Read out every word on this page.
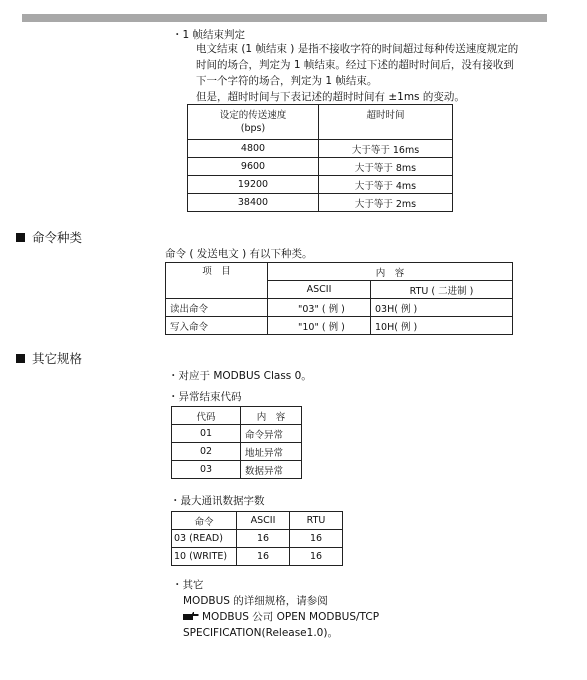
・1 帧结束判定
电文结束 (1 帧结束 ) 是指不接收字符的时间超过每种传送速度规定的
时间的场合，判定为 1 帧结束。经过下述的超时时间后，没有接收到
下一个字符的场合，判定为 1 帧结束。
但是，超时时间与下表记述的超时时间有 ±1ms 的变动。
设定的传送速度
(bps)	超时时间
4800	大于等于 16ms
9600	大于等于 8ms
19200	大于等于 4ms
38400	大于等于 2ms
命令种类
命令 ( 发送电文 ) 有以下种类。
项　目	内　容	
	ASCII	RTU ( 二进制 )
读出命令	"03" ( 例 )	03H( 例 )
写入命令	"10" ( 例 )	10H( 例 )
其它规格
・对应于 MODBUS Class 0。
・异常结束代码
代码	内　容
01	命令异常
02	地址异常
03	数据异常
・最大通讯数据字数
命令	ASCII	RTU
03 (READ)	16	16
10 (WRITE)	16	16
・其它
MODBUS 的详细规格，请参阅
MODBUS 公司 OPEN MODBUS/TCP
SPECIFICATION(Release1.0)。
